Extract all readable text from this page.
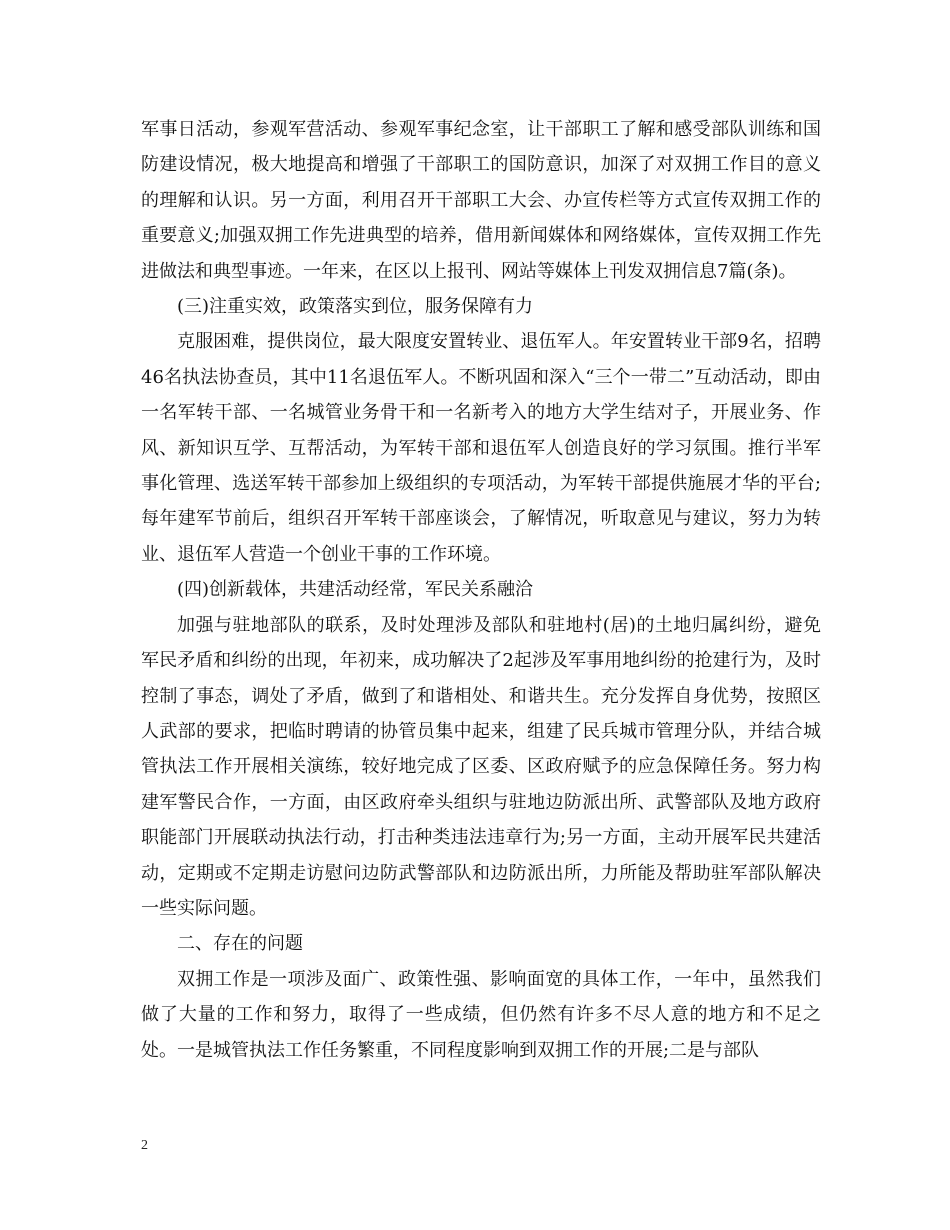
军事日活动，参观军营活动、参观军事纪念室，让干部职工了解和感受部队训练和国防建设情况，极大地提高和增强了干部职工的国防意识，加深了对双拥工作目的意义的理解和认识。另一方面，利用召开干部职工大会、办宣传栏等方式宣传双拥工作的重要意义;加强双拥工作先进典型的培养，借用新闻媒体和网络媒体，宣传双拥工作先进做法和典型事迹。一年来，在区以上报刊、网站等媒体上刊发双拥信息7篇(条)。

(三)注重实效，政策落实到位，服务保障有力

克服困难，提供岗位，最大限度安置转业、退伍军人。年安置转业干部9名，招聘46名执法协查员，其中11名退伍军人。不断巩固和深入“三个一带二”互动活动，即由一名军转干部、一名城管业务骨干和一名新考入的地方大学生结对子，开展业务、作风、新知识互学、互帮活动，为军转干部和退伍军人创造良好的学习氛围。推行半军事化管理、选送军转干部参加上级组织的专项活动，为军转干部提供施展才华的平台;每年建军节前后，组织召开军转干部座谈会，了解情况，听取意见与建议，努力为转业、退伍军人营造一个创业干事的工作环境。

(四)创新载体，共建活动经常，军民关系融洽

加强与驻地部队的联系，及时处理涉及部队和驻地村(居)的土地归属纠纷，避免军民矛盾和纠纷的出现，年初来，成功解决了2起涉及军事用地纠纷的抢建行为，及时控制了事态，调处了矛盾，做到了和谐相处、和谐共生。充分发挥自身优势，按照区人武部的要求，把临时聘请的协管员集中起来，组建了民兵城市管理分队，并结合城管执法工作开展相关演练，较好地完成了区委、区政府赋予的应急保障任务。努力构建军警民合作，一方面，由区政府牵头组织与驻地边防派出所、武警部队及地方政府职能部门开展联动执法行动，打击种类违法违章行为;另一方面，主动开展军民共建活动，定期或不定期走访慰问边防武警部队和边防派出所，力所能及帮助驻军部队解决一些实际问题。

二、存在的问题

双拥工作是一项涉及面广、政策性强、影响面宽的具体工作，一年中，虽然我们做了大量的工作和努力，取得了一些成绩，但仍然有许多不尽人意的地方和不足之处。一是城管执法工作任务繁重，不同程度影响到双拥工作的开展;二是与部队

2
